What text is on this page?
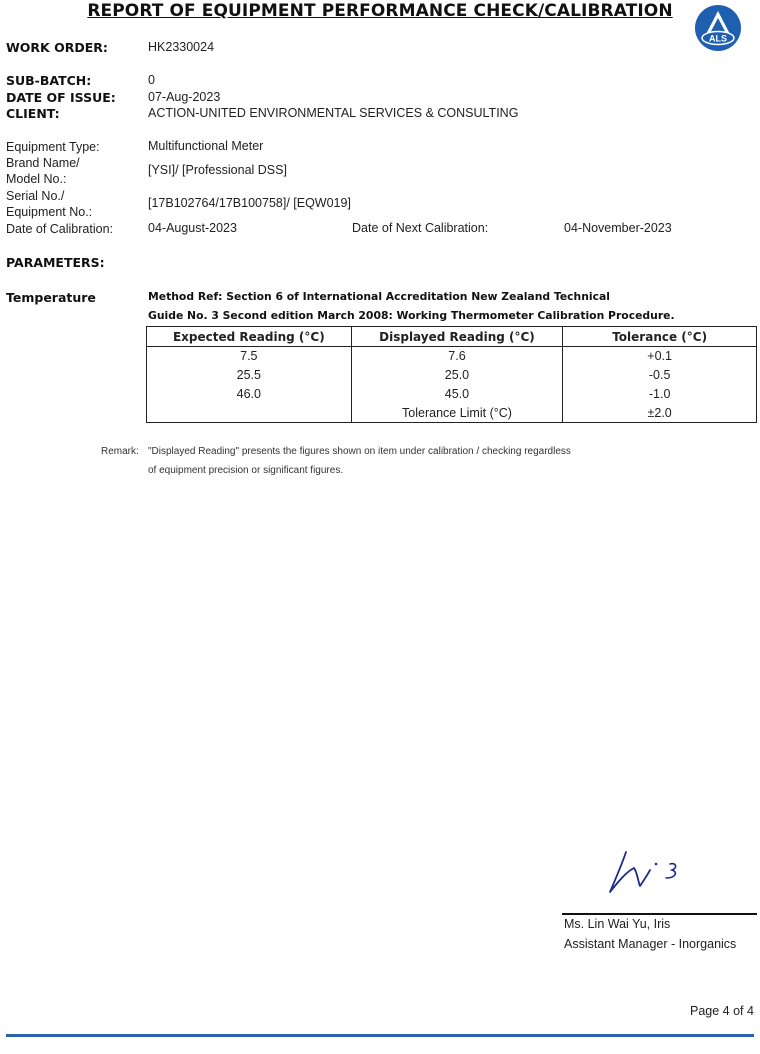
REPORT OF EQUIPMENT PERFORMANCE CHECK/CALIBRATION
ALS
WORK ORDER:	HK2330024
SUB-BATCH:	0
DATE OF ISSUE:	07-Aug-2023
CLIENT:	ACTION-UNITED ENVIRONMENTAL SERVICES & CONSULTING
Equipment Type:	Multifunctional Meter
Brand Name/
Model No.:
[YSI]/ [Professional DSS]
Serial No./
Equipment No.:
[17B102764/17B100758]/ [EQW019]
Date of Calibration:	04-August-2023	Date of Next Calibration:	04-November-2023
PARAMETERS:
Temperature	Method Ref: Section 6 of International Accreditation New Zealand Technical
Guide No. 3 Second edition March 2008: Working Thermometer Calibration Procedure.
Expected Reading (°C)	Displayed Reading (°C)	Tolerance (°C)
7.5	7.6	+0.1
25.5	25.0	-0.5
46.0	45.0	-1.0
	Tolerance Limit (°C)	±2.0
Remark: "Displayed Reading" presents the figures shown on item under calibration / checking regardless
of equipment precision or significant figures.
Ms. Lin Wai Yu, Iris
Assistant Manager - Inorganics
Page 4 of 4
